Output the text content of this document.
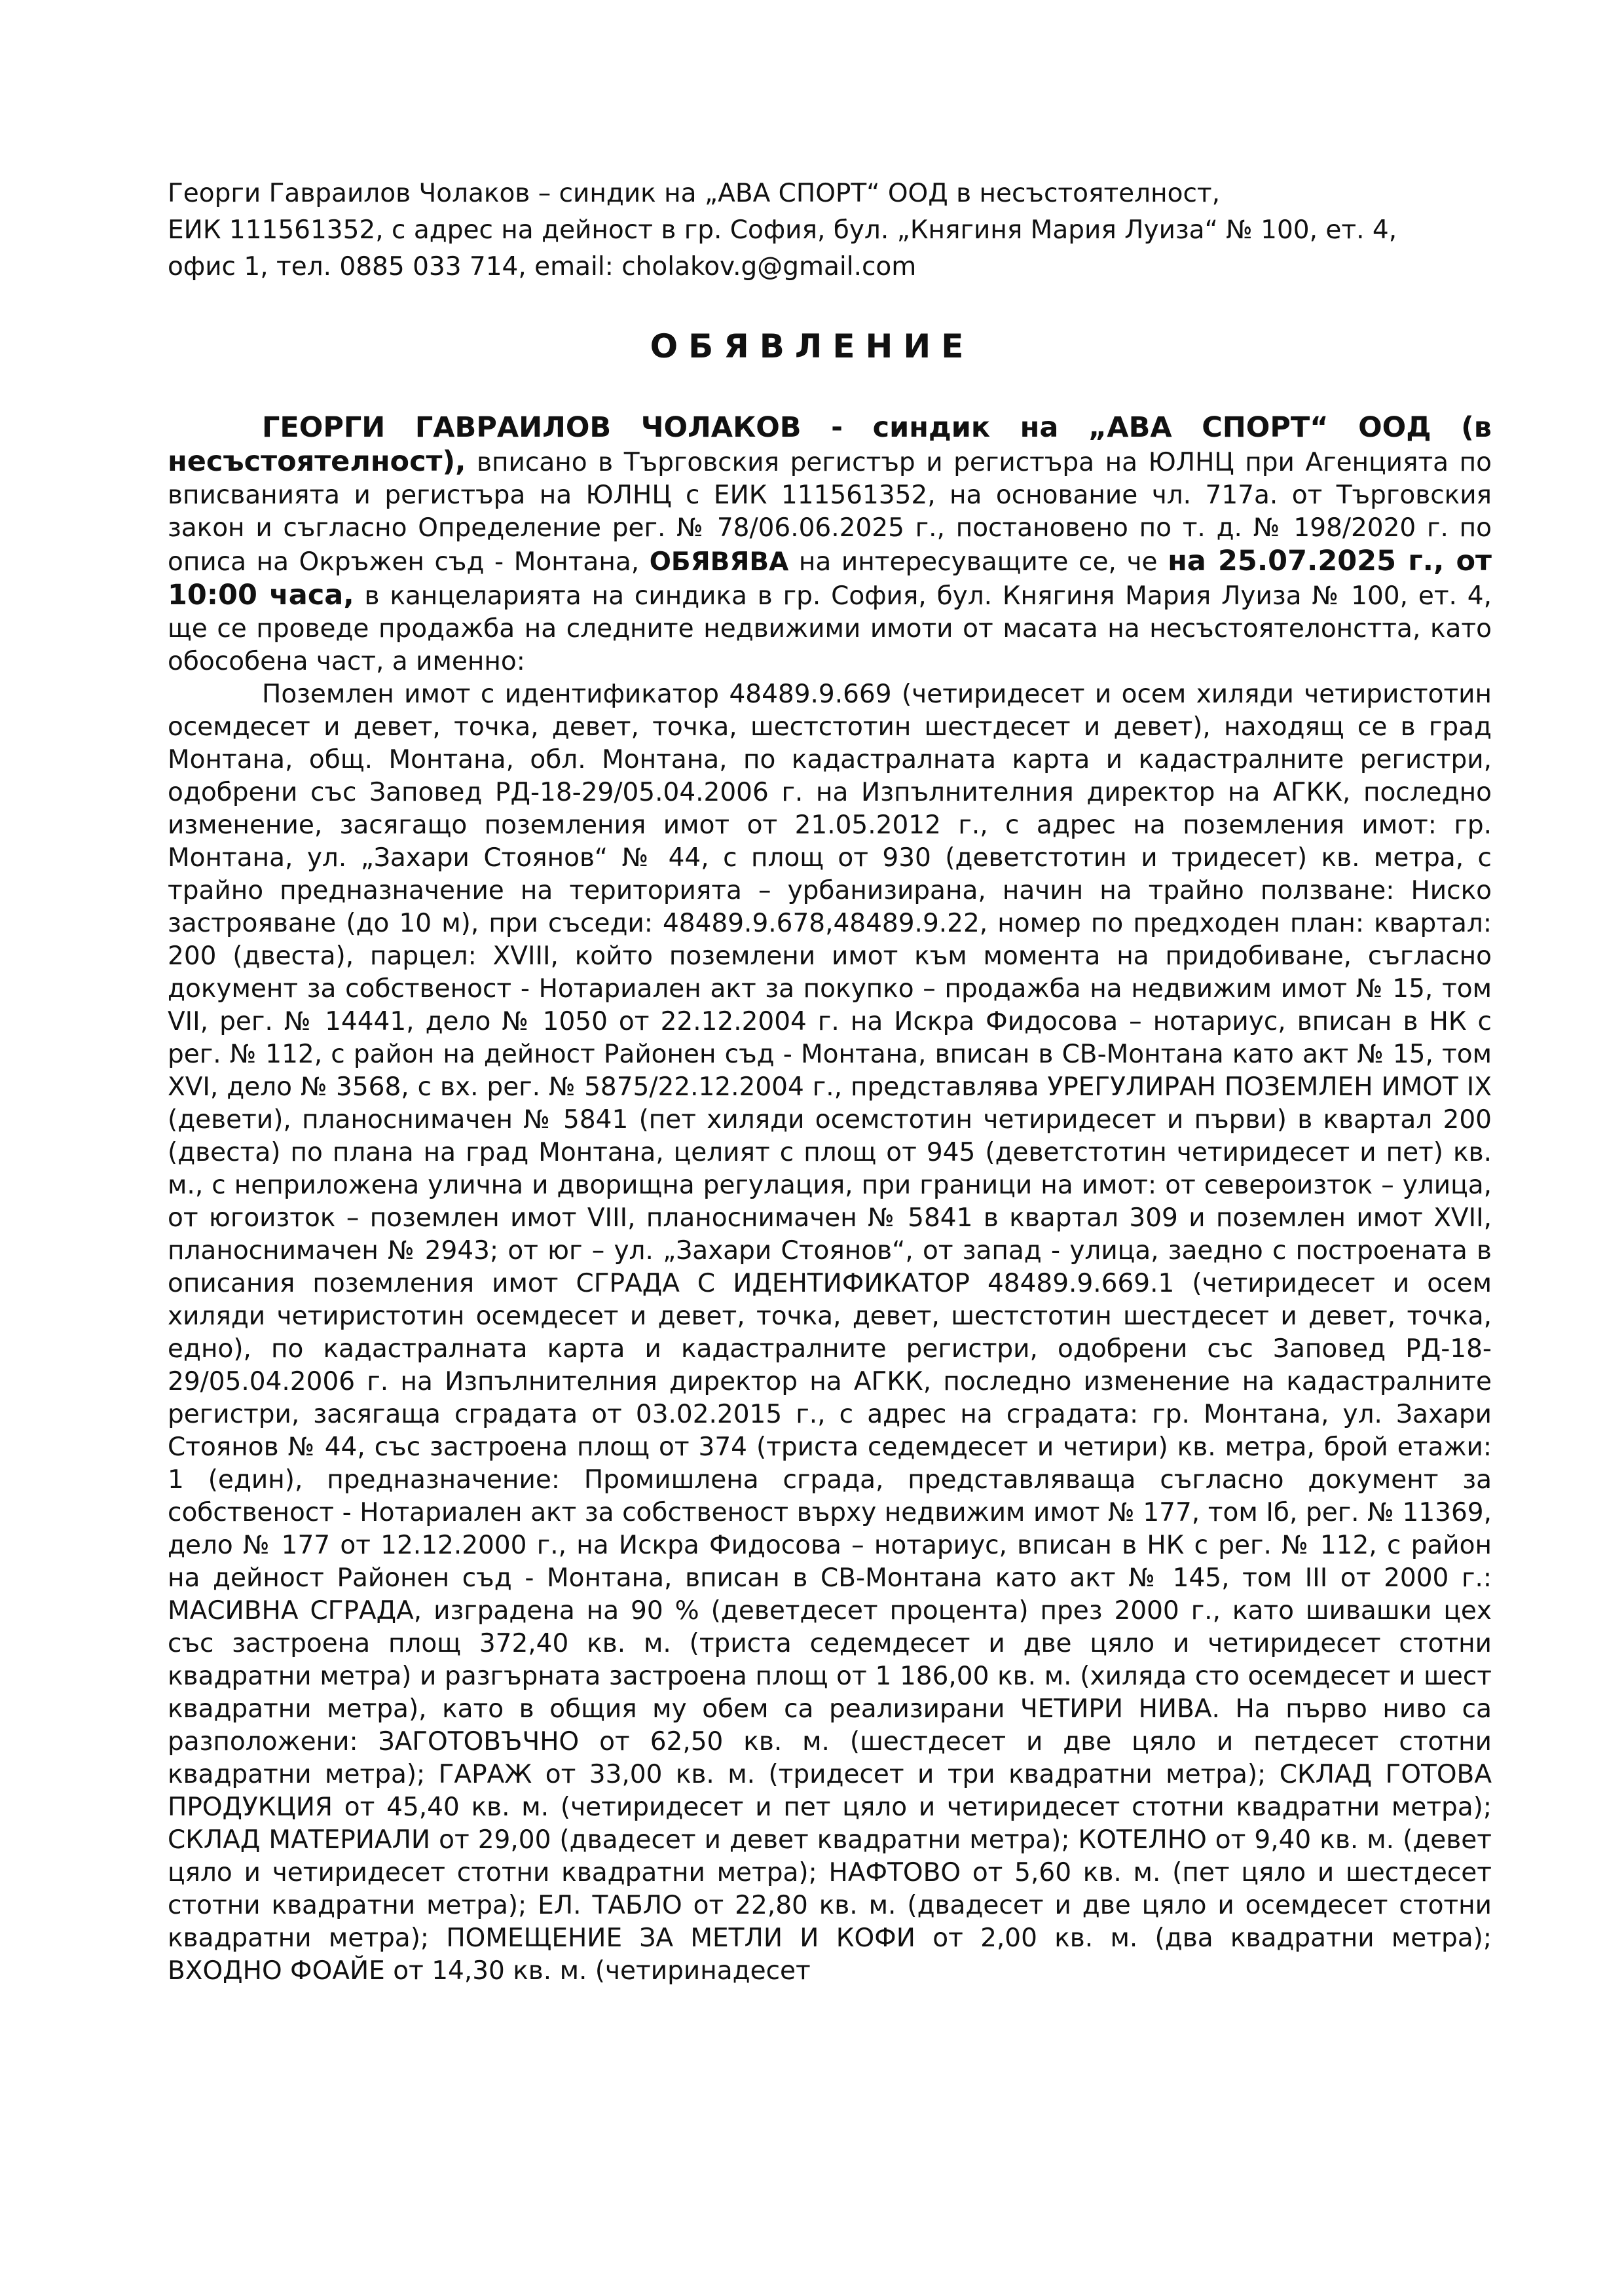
Георги Гавраилов Чолаков – синдик на „АВА СПОРТ“ ООД в несъстоятелност,
ЕИК 111561352, с адрес на дейност в гр. София, бул. „Княгиня Мария Луиза“ № 100, ет. 4,
офис 1, тел. 0885 033 714, email: cholakov.g@gmail.com
ОБЯВЛЕНИЕ

ГЕОРГИ ГАВРАИЛОВ ЧОЛАКОВ - синдик на „АВА СПОРТ“ ООД (в несъстоятелност), вписано в Търговския регистър и регистъра на ЮЛНЦ при Агенцията по вписванията и регистъра на ЮЛНЦ с ЕИК 111561352, на основание чл. 717а. от Търговския закон и съгласно Определение рег. № 78/06.06.2025 г., постановено по т. д. № 198/2020 г. по описа на Окръжен съд - Монтана, ОБЯВЯВА на интересуващите се, че на 25.07.2025 г., от 10:00 часа, в канцеларията на синдика в гр. София, бул. Княгиня Мария Луиза № 100, ет. 4, ще се проведе продажба на следните недвижими имоти от масата на несъстоятелонстта, като обособена част, а именно:

Поземлен имот с идентификатор 48489.9.669 (четиридесет и осем хиляди четиристотин осемдесет и девет, точка, девет, точка, шестстотин шестдесет и девет), находящ се в град Монтана, общ. Монтана, обл. Монтана, по кадастралната карта и кадастралните регистри, одобрени със Заповед РД-18-29/05.04.2006 г. на Изпълнителния директор на АГКК, последно изменение, засягащо поземления имот от 21.05.2012 г., с адрес на поземления имот: гр. Монтана, ул. „Захари Стоянов“ № 44, с площ от 930 (деветстотин и тридесет) кв. метра, с трайно предназначение на територията – урбанизирана, начин на трайно ползване: Ниско застрояване (до 10 м), при съседи: 48489.9.678,48489.9.22, номер по предходен план: квартал: 200 (двеста), парцел: XVIII, който поземлени имот към момента на придобиване, съгласно документ за собственост - Нотариален акт за покупко – продажба на недвижим имот № 15, том VII, рег. № 14441, дело № 1050 от 22.12.2004 г. на Искра Фидосова – нотариус, вписан в НК с рег. № 112, с район на дейност Районен съд - Монтана, вписан в СВ-Монтана като акт № 15, том XVI, дело № 3568, с вх. рег. № 5875/22.12.2004 г., представлява УРЕГУЛИРАН ПОЗЕМЛЕН ИМОТ IX (девети), планоснимачен № 5841 (пет хиляди осемстотин четиридесет и първи) в квартал 200 (двеста) по плана на град Монтана, целият с площ от 945 (деветстотин четиридесет и пет) кв. м., с неприложена улична и дворищна регулация, при граници на имот: от североизток – улица, от югоизток – поземлен имот VIII, планоснимачен № 5841 в квартал 309 и поземлен имот XVII, планоснимачен № 2943; от юг – ул. „Захари Стоянов“, от запад - улица, заедно с построената в описания поземления имот СГРАДА С ИДЕНТИФИКАТОР 48489.9.669.1 (четиридесет и осем хиляди четиристотин осемдесет и девет, точка, девет, шестстотин шестдесет и девет, точка, едно), по кадастралната карта и кадастралните регистри, одобрени със Заповед РД-18-29/05.04.2006 г. на Изпълнителния директор на АГКК, последно изменение на кадастралните регистри, засягаща сградата от 03.02.2015 г., с адрес на сградата: гр. Монтана, ул. Захари Стоянов № 44, със застроена площ от 374 (триста седемдесет и четири) кв. метра, брой етажи: 1 (един), предназначение: Промишлена сграда, представляваща съгласно документ за собственост - Нотариален акт за собственост върху недвижим имот № 177, том Iб, рег. № 11369, дело № 177 от 12.12.2000 г., на Искра Фидосова – нотариус, вписан в НК с рег. № 112, с район на дейност Районен съд - Монтана, вписан в СВ-Монтана като акт № 145, том III от 2000 г.: МАСИВНА СГРАДА, изградена на 90 % (деветдесет процента) през 2000 г., като шивашки цех със застроена площ 372,40 кв. м. (триста седемдесет и две цяло и четиридесет стотни квадратни метра) и разгърната застроена площ от 1 186,00 кв. м. (хиляда сто осемдесет и шест квадратни метра), като в общия му обем са реализирани ЧЕТИРИ НИВА. На първо ниво са разположени: ЗАГОТОВЪЧНО от 62,50 кв. м. (шестдесет и две цяло и петдесет стотни квадратни метра); ГАРАЖ от 33,00 кв. м. (тридесет и три квадратни метра); СКЛАД ГОТОВА ПРОДУКЦИЯ от 45,40 кв. м. (четиридесет и пет цяло и четиридесет стотни квадратни метра); СКЛАД МАТЕРИАЛИ от 29,00 (двадесет и девет квадратни метра); КОТЕЛНО от 9,40 кв. м. (девет цяло и четиридесет стотни квадратни метра); НАФТОВО от 5,60 кв. м. (пет цяло и шестдесет стотни квадратни метра); ЕЛ. ТАБЛО от 22,80 кв. м. (двадесет и две цяло и осемдесет стотни квадратни метра); ПОМЕЩЕНИЕ ЗА МЕТЛИ И КОФИ от 2,00 кв. м. (два квадратни метра); ВХОДНО ФОАЙЕ от 14,30 кв. м. (четиринадесет
